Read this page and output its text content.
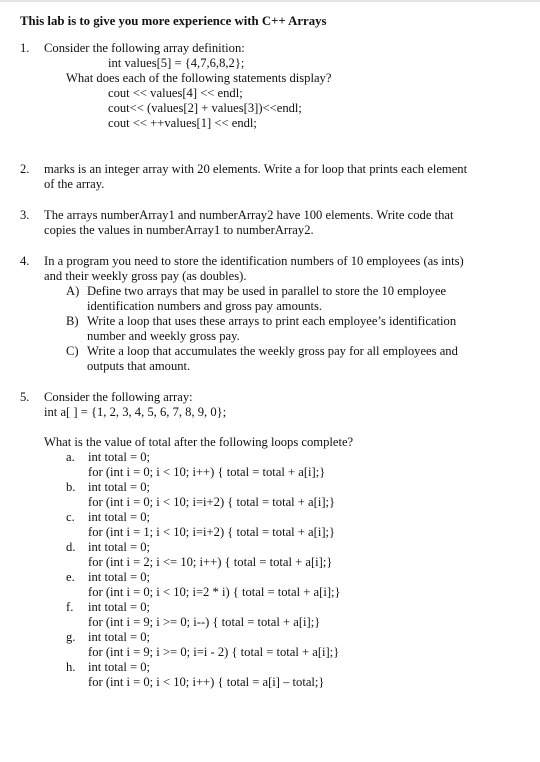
This lab is to give you more experience with C++ Arrays
1. Consider the following array definition:
int values[5] = {4,7,6,8,2};
What does each of the following statements display?
cout << values[4] << endl;
cout<< (values[2] + values[3])<<endl;
cout << ++values[1] << endl;
2. marks is an integer array with 20 elements. Write a for loop that prints each element
of the array.
3. The arrays numberArray1 and numberArray2 have 100 elements. Write code that
copies the values in numberArray1 to numberArray2.
4. In a program you need to store the identification numbers of 10 employees (as ints)
and their weekly gross pay (as doubles).
A) Define two arrays that may be used in parallel to store the 10 employee
identification numbers and gross pay amounts.
B) Write a loop that uses these arrays to print each employee’s identification
number and weekly gross pay.
C) Write a loop that accumulates the weekly gross pay for all employees and
outputs that amount.
5. Consider the following array:
int a[ ] = {1, 2, 3, 4, 5, 6, 7, 8, 9, 0};
What is the value of total after the following loops complete?
a. int total = 0;
for (int i = 0; i < 10; i++) { total = total + a[i];}
b. int total = 0;
for (int i = 0; i < 10; i=i+2) { total = total + a[i];}
c. int total = 0;
for (int i = 1; i < 10; i=i+2) { total = total + a[i];}
d. int total = 0;
for (int i = 2; i <= 10; i++) { total = total + a[i];}
e. int total = 0;
for (int i = 0; i < 10; i=2 * i) { total = total + a[i];}
f. int total = 0;
for (int i = 9; i >= 0; i--) { total = total + a[i];}
g. int total = 0;
for (int i = 9; i >= 0; i=i - 2) { total = total + a[i];}
h. int total = 0;
for (int i = 0; i < 10; i++) { total = a[i] – total;}
